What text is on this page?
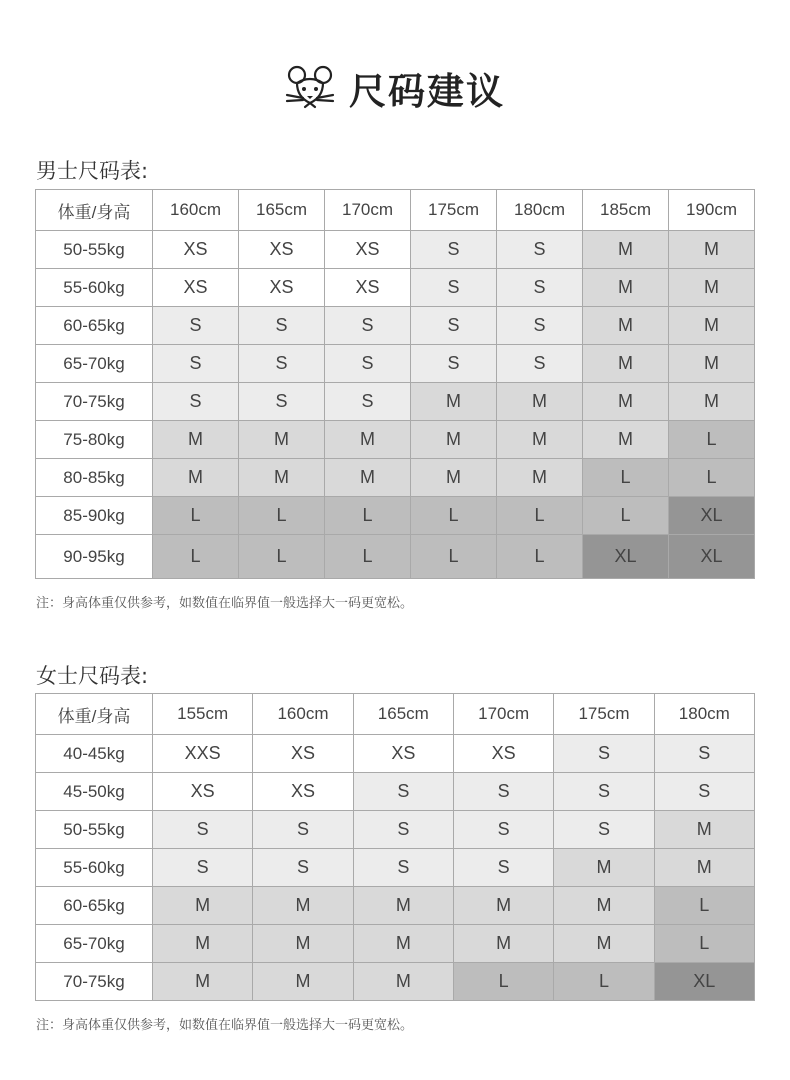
尺码建议
男士尺码表:
体重/身高	160cm	165cm	170cm	175cm	180cm	185cm	190cm
50-55kg	XS	XS	XS	S	S	M	M
55-60kg	XS	XS	XS	S	S	M	M
60-65kg	S	S	S	S	S	M	M
65-70kg	S	S	S	S	S	M	M
70-75kg	S	S	S	M	M	M	M
75-80kg	M	M	M	M	M	M	L
80-85kg	M	M	M	M	M	L	L
85-90kg	L	L	L	L	L	L	XL
90-95kg	L	L	L	L	L	XL	XL
注：身高体重仅供参考，如数值在临界值一般选择大一码更宽松。
女士尺码表:
体重/身高	155cm	160cm	165cm	170cm	175cm	180cm
40-45kg	XXS	XS	XS	XS	S	S
45-50kg	XS	XS	S	S	S	S
50-55kg	S	S	S	S	S	M
55-60kg	S	S	S	S	M	M
60-65kg	M	M	M	M	M	L
65-70kg	M	M	M	M	M	L
70-75kg	M	M	M	L	L	XL
注：身高体重仅供参考，如数值在临界值一般选择大一码更宽松。
